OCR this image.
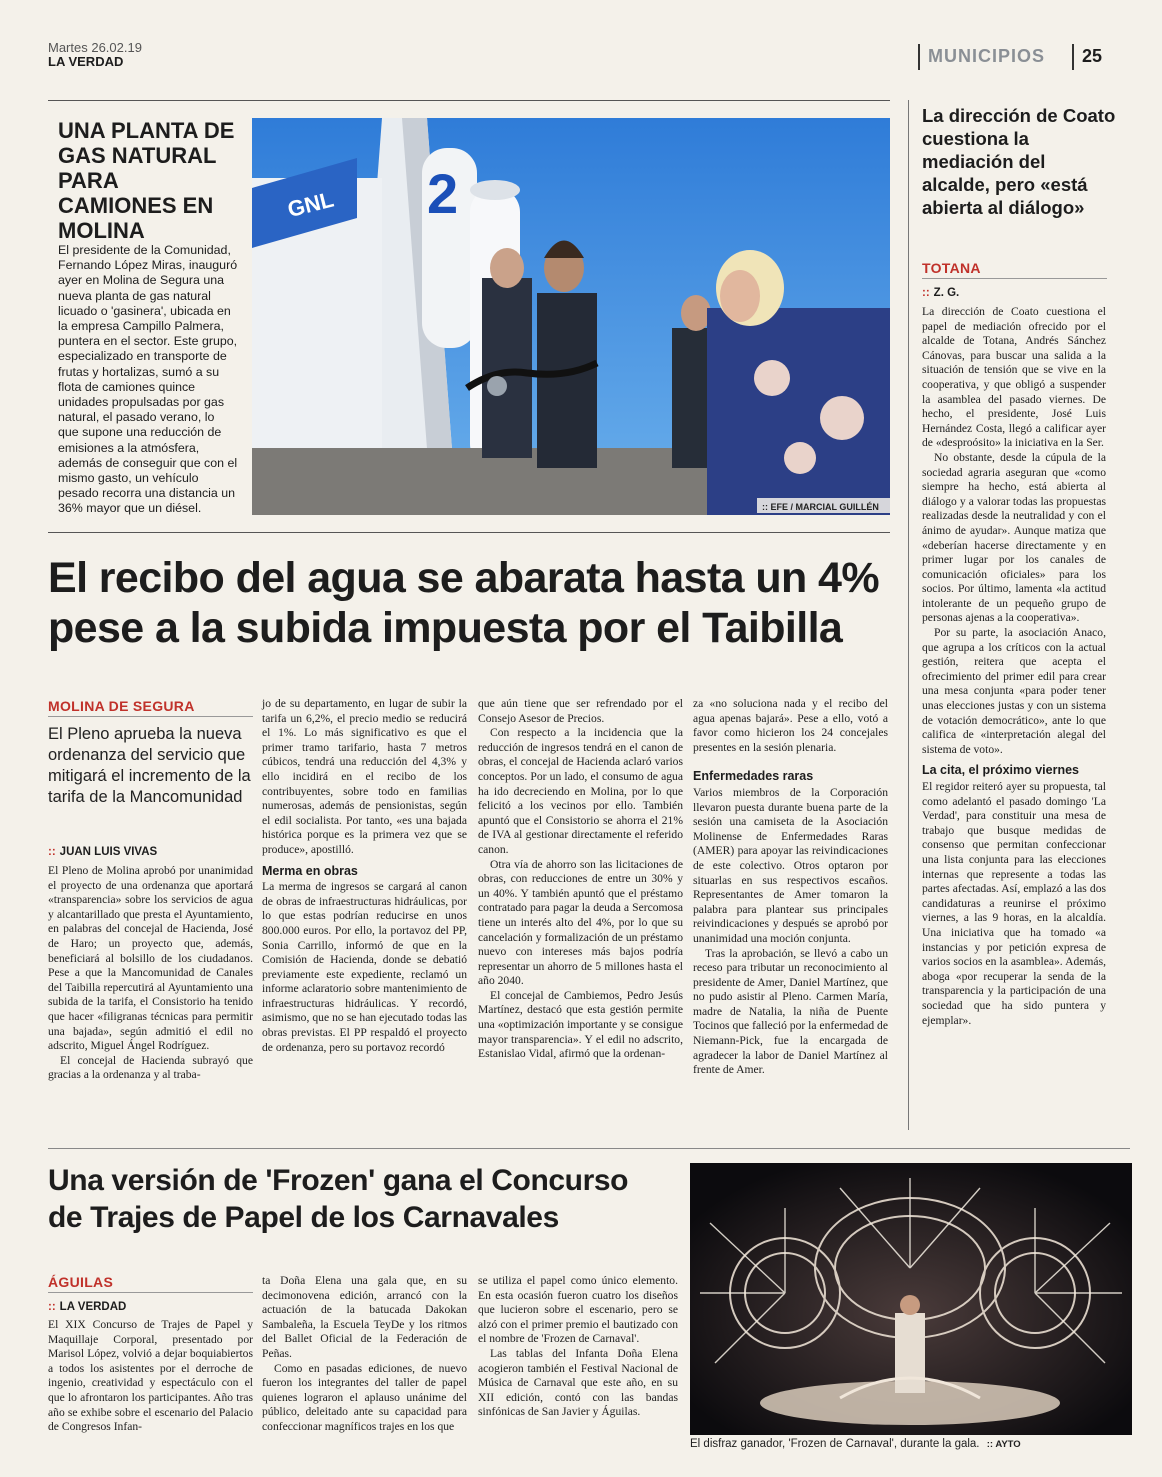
Martes 26.02.19
LA VERDAD	MUNICIPIOS 25
UNA PLANTA DE GAS NATURAL PARA CAMIONES EN MOLINA
El presidente de la Comunidad, Fernando López Miras, inauguró ayer en Molina de Segura una nueva planta de gas natural licuado o 'gasinera', ubicada en la empresa Campillo Palmera, puntera en el sector. Este grupo, especializado en transporte de frutas y hortalizas, sumó a su flota de camiones quince unidades propulsadas por gas natural, el pasado verano, lo que supone una reducción de emisiones a la atmósfera, además de conseguir que con el mismo gasto, un vehículo pesado recorra una distancia un 36% mayor que un diésel.
GNL 2
:: EFE / MARCIAL GUILLÉN
El recibo del agua se abarata hasta un 4%
pese a la subida impuesta por el Taibilla
MOLINA DE SEGURA
El Pleno aprueba la nueva ordenanza del servicio que mitigará el incremento de la tarifa de la Mancomunidad
:: JUAN LUIS VIVAS

El Pleno de Molina aprobó por unanimidad el proyecto de una ordenanza que aportará «transparencia» sobre los servicios de agua y alcantarillado que presta el Ayuntamiento, en palabras del concejal de Hacienda, José de Haro; un proyecto que, además, beneficiará al bolsillo de los ciudadanos. Pese a que la Mancomunidad de Canales del Taibilla repercutirá al Ayuntamiento una subida de la tarifa, el Consistorio ha tenido que hacer «filigranas técnicas para permitir una bajada», según admitió el edil no adscrito, Miguel Ángel Rodríguez.

El concejal de Hacienda subrayó que gracias a la ordenanza y al traba-

jo de su departamento, en lugar de subir la tarifa un 6,2%, el precio medio se reducirá el 1%. Lo más significativo es que el primer tramo tarifario, hasta 7 metros cúbicos, tendrá una reducción del 4,3% y ello incidirá en el recibo de los contribuyentes, sobre todo en familias numerosas, además de pensionistas, según el edil socialista. Por tanto, «es una bajada histórica porque es la primera vez que se produce», apostilló.

Merma en obras

La merma de ingresos se cargará al canon de obras de infraestructuras hidráulicas, por lo que estas podrían reducirse en unos 800.000 euros. Por ello, la portavoz del PP, Sonia Carrillo, informó de que en la Comisión de Hacienda, donde se debatió previamente este expediente, reclamó un informe aclaratorio sobre mantenimiento de infraestructuras hidráulicas. Y recordó, asimismo, que no se han ejecutado todas las obras previstas. El PP respaldó el proyecto de ordenanza, pero su portavoz recordó

que aún tiene que ser refrendado por el Consejo Asesor de Precios.

Con respecto a la incidencia que la reducción de ingresos tendrá en el canon de obras, el concejal de Hacienda aclaró varios conceptos. Por un lado, el consumo de agua ha ido decreciendo en Molina, por lo que felicitó a los vecinos por ello. También apuntó que el Consistorio se ahorra el 21% de IVA al gestionar directamente el referido canon.

Otra vía de ahorro son las licitaciones de obras, con reducciones de entre un 30% y un 40%. Y también apuntó que el préstamo contratado para pagar la deuda a Sercomosa tiene un interés alto del 4%, por lo que su cancelación y formalización de un préstamo nuevo con intereses más bajos podría representar un ahorro de 5 millones hasta el año 2040.

El concejal de Cambiemos, Pedro Jesús Martínez, destacó que esta gestión permite una «optimización importante y se consigue mayor transparencia». Y el edil no adscrito, Estanislao Vidal, afirmó que la ordenan-

za «no soluciona nada y el recibo del agua apenas bajará». Pese a ello, votó a favor como hicieron los 24 concejales presentes en la sesión plenaria.

Enfermedades raras

Varios miembros de la Corporación llevaron puesta durante buena parte de la sesión una camiseta de la Asociación Molinense de Enfermedades Raras (AMER) para apoyar las reivindicaciones de este colectivo. Otros optaron por situarlas en sus respectivos escaños. Representantes de Amer tomaron la palabra para plantear sus principales reivindicaciones y después se aprobó por unanimidad una moción conjunta.

Tras la aprobación, se llevó a cabo un receso para tributar un reconocimiento al presidente de Amer, Daniel Martínez, que no pudo asistir al Pleno. Carmen María, madre de Natalia, la niña de Puente Tocinos que falleció por la enfermedad de Niemann-Pick, fue la encargada de agradecer la labor de Daniel Martínez al frente de Amer.

La dirección de Coato cuestiona la mediación del alcalde, pero «está abierta al diálogo»
TOTANA
:: Z. G.

La dirección de Coato cuestiona el papel de mediación ofrecido por el alcalde de Totana, Andrés Sánchez Cánovas, para buscar una salida a la situación de tensión que se vive en la cooperativa, y que obligó a suspender la asamblea del pasado viernes. De hecho, el presidente, José Luis Hernández Costa, llegó a calificar ayer de «desproósito» la iniciativa en la Ser.

No obstante, desde la cúpula de la sociedad agraria aseguran que «como siempre ha hecho, está abierta al diálogo y a valorar todas las propuestas realizadas desde la neutralidad y con el ánimo de ayudar». Aunque matiza que «deberían hacerse directamente y en primer lugar por los canales de comunicación oficiales» para los socios. Por último, lamenta «la actitud intolerante de un pequeño grupo de personas ajenas a la cooperativa».

Por su parte, la asociación Anaco, que agrupa a los críticos con la actual gestión, reitera que acepta el ofrecimiento del primer edil para crear una mesa conjunta «para poder tener unas elecciones justas y con un sistema de votación democrático», ante lo que califica de «interpretación alegal del sistema de voto».

La cita, el próximo viernes

El regidor reiteró ayer su propuesta, tal como adelantó el pasado domingo 'La Verdad', para constituir una mesa de trabajo que busque medidas de consenso que permitan confeccionar una lista conjunta para las elecciones internas que represente a todas las partes afectadas. Así, emplazó a las dos candidaturas a reunirse el próximo viernes, a las 9 horas, en la alcaldía. Una iniciativa que ha tomado «a instancias y por petición expresa de varios socios en la asamblea». Además, aboga «por recuperar la senda de la transparencia y la participación de una sociedad que ha sido puntera y ejemplar».

Una versión de 'Frozen' gana el Concurso
de Trajes de Papel de los Carnavales
ÁGUILAS
:: LA VERDAD

El XIX Concurso de Trajes de Papel y Maquillaje Corporal, presentado por Marisol López, volvió a dejar boquiabiertos a todos los asistentes por el derroche de ingenio, creatividad y espectáculo con el que lo afrontaron los participantes. Año tras año se exhibe sobre el escenario del Palacio de Congresos Infan-

ta Doña Elena una gala que, en su decimonovena edición, arrancó con la actuación de la batucada Dakokan Sambaleña, la Escuela TeyDe y los ritmos del Ballet Oficial de la Federación de Peñas.

Como en pasadas ediciones, de nuevo fueron los integrantes del taller de papel quienes lograron el aplauso unánime del público, deleitado ante su capacidad para confeccionar magníficos trajes en los que

se utiliza el papel como único elemento. En esta ocasión fueron cuatro los diseños que lucieron sobre el escenario, pero se alzó con el primer premio el bautizado con el nombre de 'Frozen de Carnaval'.

Las tablas del Infanta Doña Elena acogieron también el Festival Nacional de Música de Carnaval que este año, en su XII edición, contó con las bandas sinfónicas de San Javier y Águilas.

El disfraz ganador, 'Frozen de Carnaval', durante la gala. :: AYTO
